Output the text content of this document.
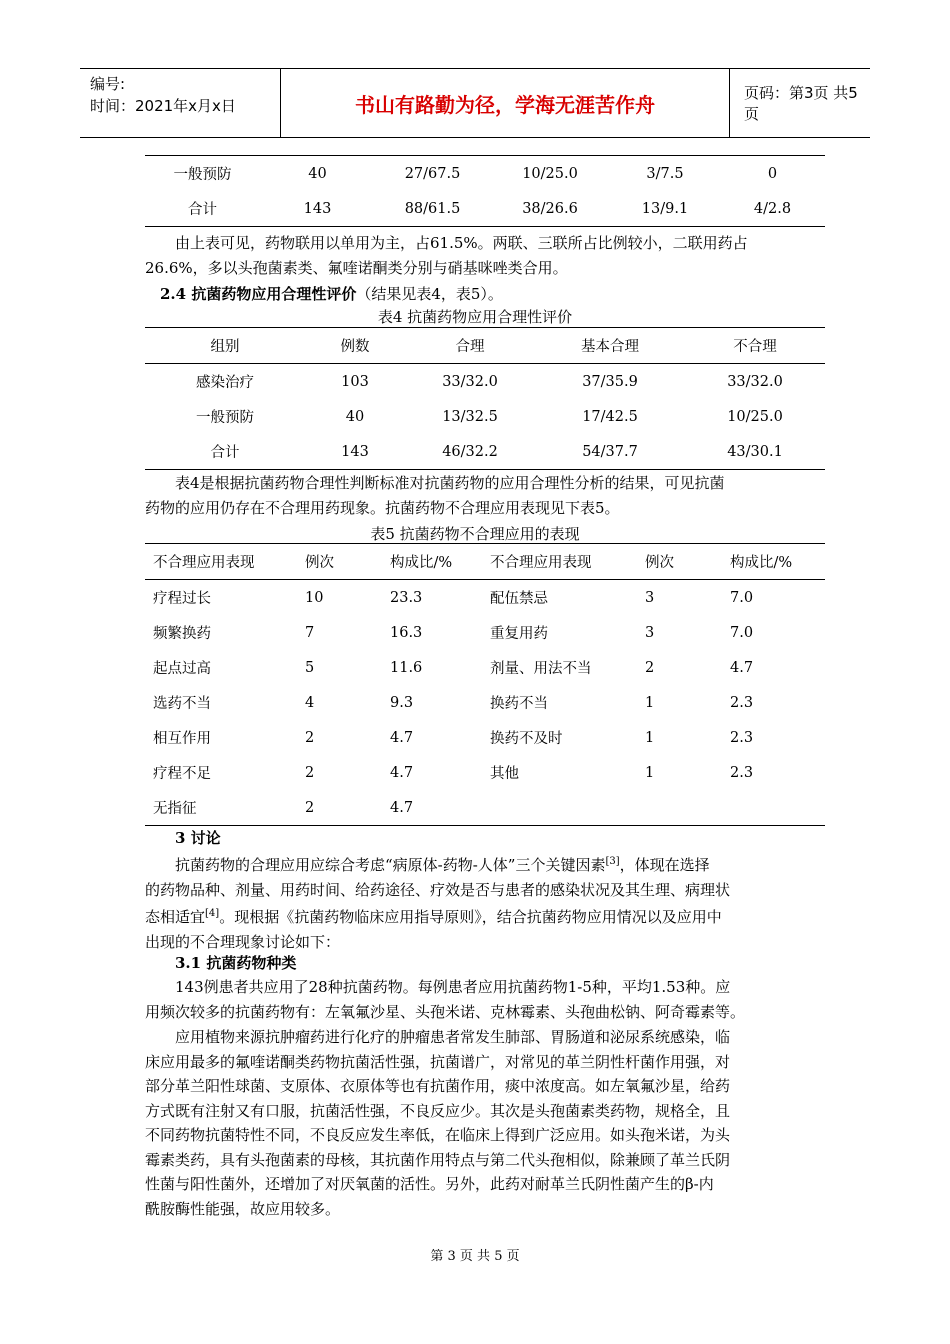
编号:
时间：2021年x月x日	书山有路勤为径，学海无涯苦作舟	页码：第3页 共5页
一般预防	40	27/67.5	10/25.0	3/7.5	0
合计	143	88/61.5	38/26.6	13/9.1	4/2.8
由上表可见，药物联用以单用为主，占61.5%。两联、三联所占比例较小，二联用药占
26.6%，多以头孢菌素类、氟喹诺酮类分别与硝基咪唑类合用。
2.4 抗菌药物应用合理性评价（结果见表4，表5）。
表4 抗菌药物应用合理性评价
组别	例数	合理	基本合理	不合理
感染治疗	103	33/32.0	37/35.9	33/32.0
一般预防	40	13/32.5	17/42.5	10/25.0
合计	143	46/32.2	54/37.7	43/30.1
表4是根据抗菌药物合理性判断标准对抗菌药物的应用合理性分析的结果，可见抗菌
药物的应用仍存在不合理用药现象。抗菌药物不合理应用表现见下表5。
表5 抗菌药物不合理应用的表现
不合理应用表现	例次	构成比/%	不合理应用表现	例次	构成比/%
疗程过长	10	23.3	配伍禁忌	3	7.0
频繁换药	7	16.3	重复用药	3	7.0
起点过高	5	11.6	剂量、用法不当	2	4.7
选药不当	4	9.3	换药不当	1	2.3
相互作用	2	4.7	换药不及时	1	2.3
疗程不足	2	4.7	其他	1	2.3
无指征	2	4.7			
3 讨论
抗菌药物的合理应用应综合考虑“病原体-药物-人体”三个关键因素[3]，体现在选择
的药物品种、剂量、用药时间、给药途径、疗效是否与患者的感染状况及其生理、病理状
态相适宜[4]。现根据《抗菌药物临床应用指导原则》，结合抗菌药物应用情况以及应用中
出现的不合理现象讨论如下：
3.1 抗菌药物种类
143例患者共应用了28种抗菌药物。每例患者应用抗菌药物1-5种，平均1.53种。应
用频次较多的抗菌药物有：左氧氟沙星、头孢米诺、克林霉素、头孢曲松钠、阿奇霉素等。
应用植物来源抗肿瘤药进行化疗的肿瘤患者常发生肺部、胃肠道和泌尿系统感染，临
床应用最多的氟喹诺酮类药物抗菌活性强，抗菌谱广，对常见的革兰阴性杆菌作用强，对
部分革兰阳性球菌、支原体、衣原体等也有抗菌作用，痰中浓度高。如左氧氟沙星，给药
方式既有注射又有口服，抗菌活性强，不良反应少。其次是头孢菌素类药物，规格全，且
不同药物抗菌特性不同，不良反应发生率低，在临床上得到广泛应用。如头孢米诺，为头
霉素类药，具有头孢菌素的母核，其抗菌作用特点与第二代头孢相似，除兼顾了革兰氏阴
性菌与阳性菌外，还增加了对厌氧菌的活性。另外，此药对耐革兰氏阴性菌产生的β-内
酰胺酶性能强，故应用较多。
第 3 页 共 5 页
